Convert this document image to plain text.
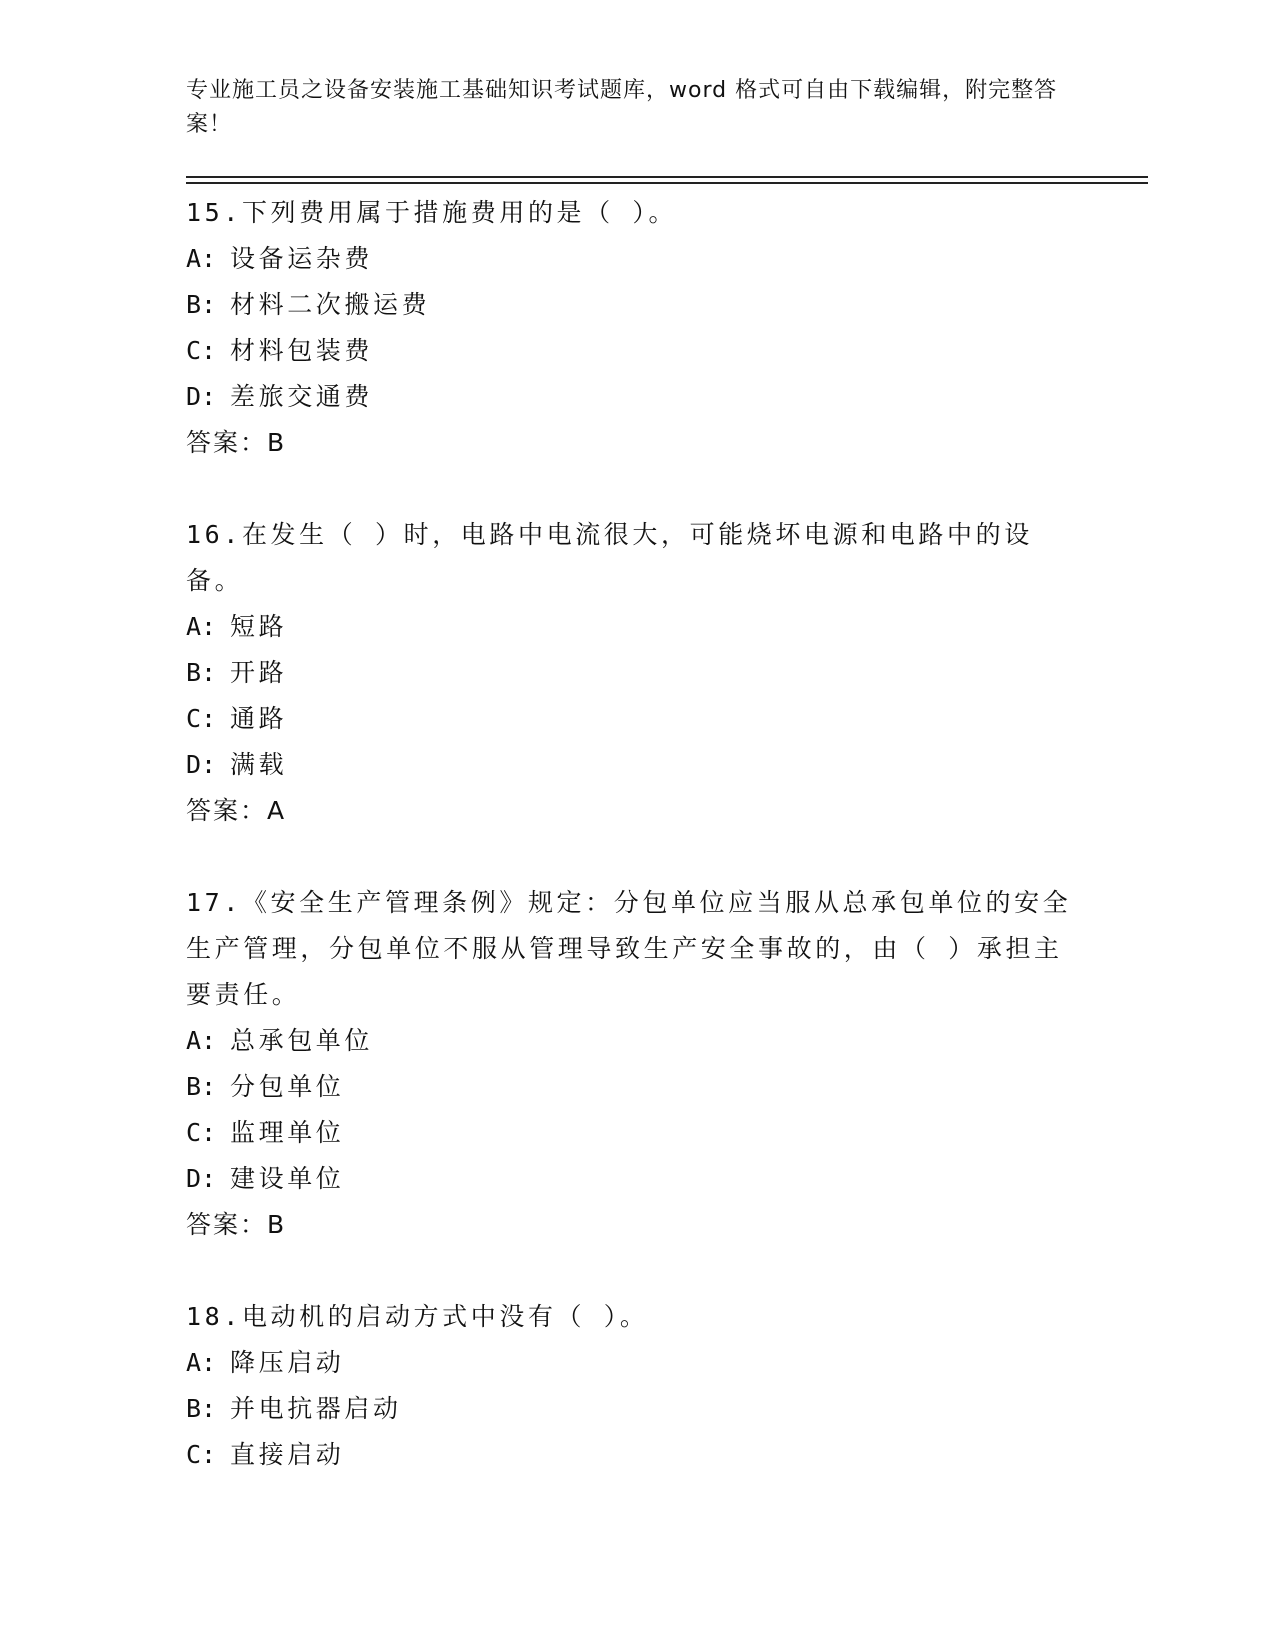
专业施工员之设备安装施工基础知识考试题库，word 格式可自由下载编辑，附完整答案！

15.下列费用属于措施费用的是（ ）。

A: 设备运杂费

B: 材料二次搬运费

C: 材料包装费

D: 差旅交通费

答案：B

16.在发生（ ）时，电路中电流很大，可能烧坏电源和电路中的设备。

A: 短路

B: 开路

C: 通路

D: 满载

答案：A

17.《安全生产管理条例》规定：分包单位应当服从总承包单位的安全生产管理，分包单位不服从管理导致生产安全事故的，由（ ）承担主要责任。

A: 总承包单位

B: 分包单位

C: 监理单位

D: 建设单位

答案：B

18.电动机的启动方式中没有（ ）。

A: 降压启动

B: 并电抗器启动

C: 直接启动
